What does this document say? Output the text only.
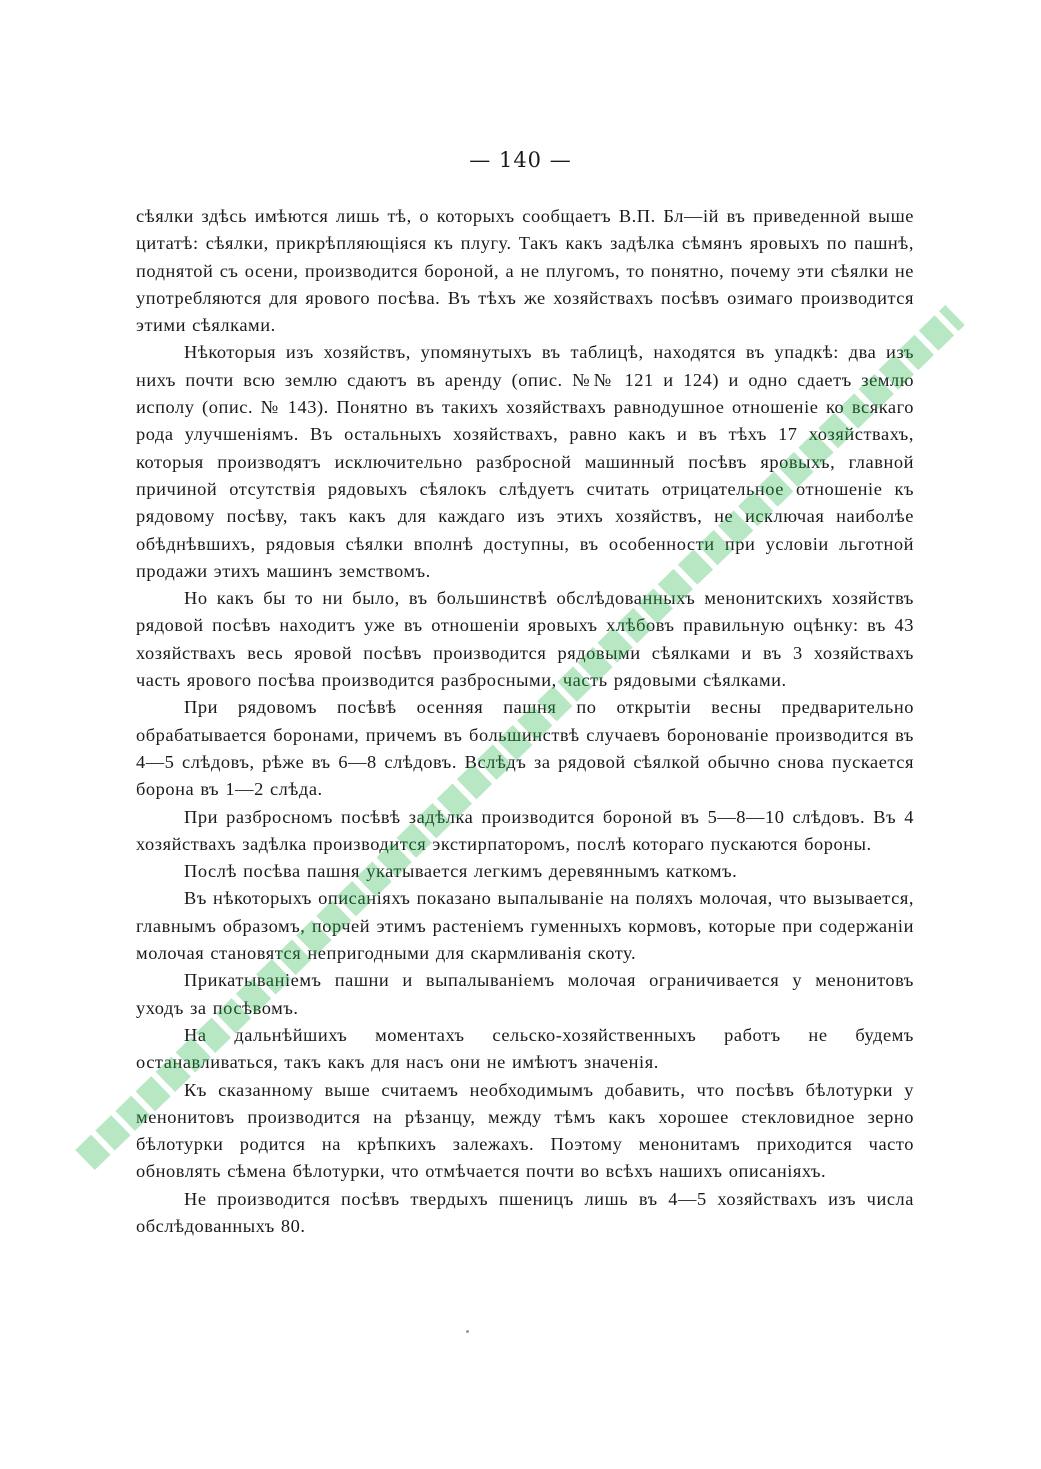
— 140 —

сѣялки здѣсь имѣются лишь тѣ, о которыхъ сообщаетъ В.П. Бл—iй въ приведенной выше цитатѣ: сѣялки, прикрѣпляющiяся къ плугу. Такъ какъ задѣлка сѣмянъ яровыхъ по пашнѣ, поднятой съ осени, производится бороной, а не плугомъ, то понятно, почему эти сѣялки не употребляются для ярового посѣва. Въ тѣхъ же хозяйствахъ посѣвъ озимаго производится этими сѣялками.

Нѣкоторыя изъ хозяйствъ, упомянутыхъ въ таблицѣ, находятся въ упадкѣ: два изъ нихъ почти всю землю сдаютъ въ аренду (опис. №№ 121 и 124) и одно сдаетъ землю исполу (опис. № 143). Понятно въ такихъ хозяйствахъ равнодушное отношенiе ко всякаго рода улучшенiямъ. Въ остальныхъ хозяйствахъ, равно какъ и въ тѣхъ 17 хозяйствахъ, которыя производятъ исключительно разбросной машинный посѣвъ яровыхъ, главной причиной отсутствiя рядовыхъ сѣялокъ слѣдуетъ считать отрицательное отношенiе къ рядовому посѣву, такъ какъ для каждаго изъ этихъ хозяйствъ, не исключая наиболѣе обѣднѣвшихъ, рядовыя сѣялки вполнѣ доступны, въ особенности при условiи льготной продажи этихъ машинъ земствомъ.

Но какъ бы то ни было, въ большинствѣ обслѣдованныхъ менонитскихъ хозяйствъ рядовой посѣвъ находитъ уже въ отношенiи яровыхъ хлѣбовъ правильную оцѣнку: въ 43 хозяйствахъ весь яровой посѣвъ производится рядовыми сѣялками и въ 3 хозяйствахъ часть ярового посѣва производится разбросными, часть рядовыми сѣялками.

При рядовомъ посѣвѣ осенняя пашня по открытiи весны предварительно обрабатывается боронами, причемъ въ большинствѣ случаевъ боронованiе производится въ 4—5 слѣдовъ, рѣже въ 6—8 слѣдовъ. Вслѣдъ за рядовой сѣялкой обычно снова пускается борона въ 1—2 слѣда.

При разбросномъ посѣвѣ задѣлка производится бороной въ 5—8—10 слѣдовъ. Въ 4 хозяйствахъ задѣлка производится экстирпаторомъ, послѣ котораго пускаются бороны.

Послѣ посѣва пашня укатывается легкимъ деревяннымъ каткомъ.

Въ нѣкоторыхъ описанiяхъ показано выпалыванiе на поляхъ молочая, что вызывается, главнымъ образомъ, порчей этимъ растенiемъ гуменныхъ кормовъ, которые при содержанiи молочая становятся непригодными для скармливанiя скоту.

Прикатыванiемъ пашни и выпалыванiемъ молочая ограничивается у менонитовъ уходъ за посѣвомъ.

На дальнѣйшихъ моментахъ сельско-хозяйственныхъ работъ не будемъ останавливаться, такъ какъ для насъ они не имѣютъ значенiя.

Къ сказанному выше считаемъ необходимымъ добавить, что посѣвъ бѣлотурки у менонитовъ производится на рѣзанцу, между тѣмъ какъ хорошее стекловидное зерно бѣлотурки родится на крѣпкихъ залежахъ. Поэтому менонитамъ приходится часто обновлять сѣмена бѣлотурки, что отмѣчается почти во всѣхъ нашихъ описанiяхъ.

Не производится посѣвъ твердыхъ пшеницъ лишь въ 4—5 хозяйствахъ изъ числа обслѣдованныхъ 80.
